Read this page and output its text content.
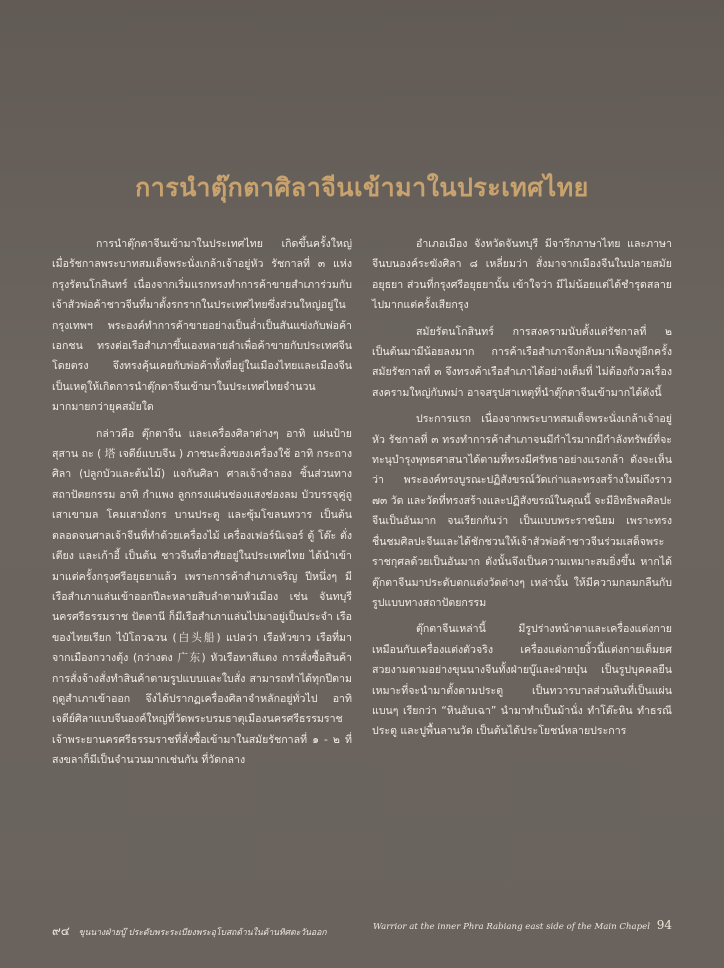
การนำตุ๊กตาศิลาจีนเข้ามาในประเทศไทย

การนำตุ๊กตาจีนเข้ามาในประเทศไทย เกิดขึ้นครั้งใหญ่เมื่อรัชกาลพระบาทสมเด็จพระนั่งเกล้าเจ้าอยู่หัว รัชกาลที่ ๓ แห่งกรุงรัตนโกสินทร์ เนื่องจากเริ่มแรกทรงทำการค้าขายสำเภาร่วมกับเจ้าสัวพ่อค้าชาวจีนที่มาตั้งรกรากในประเทศไทยซึ่งส่วนใหญ่อยู่ในกรุงเทพฯ พระองค์ทำการค้าขายอย่างเป็นล่ำเป็นสันแข่งกับพ่อค้าเอกชน ทรงต่อเรือสำเภาขึ้นเองหลายลำเพื่อค้าขายกับประเทศจีนโดยตรง จึงทรงคุ้นเคยกับพ่อค้าทั้งที่อยู่ในเมืองไทยและเมืองจีน เป็นเหตุให้เกิดการนำตุ๊กตาจีนเข้ามาในประเทศไทยจำนวนมากมายกว่ายุคสมัยใด

กล่าวคือ ตุ๊กตาจีน และเครื่องศิลาต่างๆ อาทิ แผ่นป้ายสุสาน ถะ ( 塔 เจดีย์แบบจีน ) ภาชนะสิ่งของเครื่องใช้ อาทิ กระถางศิลา (ปลูกบัวและต้นไม้) แจกันศิลา ศาลเจ้าจำลอง ชิ้นส่วนทางสถาปัตยกรรม อาทิ กำแพง ลูกกรงแผ่นช่องแสงช่องลม บัวบรรจุคู่ถู เสาเขามล โคมเสามังกร บานประตู และซุ้มโขลนทวาร เป็นต้น ตลอดจนศาลเจ้าจีนที่ทำด้วยเครื่องไม้ เครื่องเฟอร์นิเจอร์ ตู้ โต๊ะ ตั่ง เตียง และเก้าอี้ เป็นต้น ชาวจีนที่อาศัยอยู่ในประเทศไทย ได้นำเข้ามาแต่ครั้งกรุงศรีอยุธยาแล้ว เพราะการค้าสำเภาเจริญ ปีหนึ่งๆ มีเรือสำเภาแล่นเข้าออกปีละหลายสิบลำตามหัวเมือง เช่น จันทบุรี นครศรีธรรมราช ปัตตานี ก็มีเรือสำเภาแล่นไปมาอยู่เป็นประจำ เรือของไทยเรียก ไป๋โถวฉวน (白头船) แปลว่า เรือหัวขาว เรือที่มาจากเมืองกวางตุ้ง (กว่างตง 广东) หัวเรือทาสีแดง การสั่งซื้อสินค้า การสั่งจ้างสั่งทำสินค้าตามรูปแบบและใบสั่ง สามารถทำได้ทุกปีตามฤดูสำเภาเข้าออก จึงได้ปรากฏเครื่องศิลาจำหลักอยู่ทั่วไป อาทิ เจดีย์ศิลาแบบจีนองค์ใหญ่ที่วัดพระบรมธาตุเมืองนครศรีธรรมราช เจ้าพระยานครศรีธรรมราชที่สั่งซื้อเข้ามาในสมัยรัชกาลที่ ๑ - ๒ ที่สงขลาก็มีเป็นจำนวนมากเช่นกัน ที่วัดกลาง

อำเภอเมือง จังหวัดจันทบุรี มีจารึกภาษาไทย และภาษาจีนบนองค์ระฆังศิลา ๘ เหลี่ยมว่า สั่งมาจากเมืองจีนในปลายสมัยอยุธยา ส่วนที่กรุงศรีอยุธยานั้น เข้าใจว่า มีไม่น้อยแต่ได้ชำรุดสลายไปมากแต่ครั้งเสียกรุง

สมัยรัตนโกสินทร์ การสงครามนับตั้งแต่รัชกาลที่ ๒ เป็นต้นมามีน้อยลงมาก การค้าเรือสำเภาจึงกลับมาเฟื่องฟูอีกครั้ง สมัยรัชกาลที่ ๓ จึงทรงค้าเรือสำเภาได้อย่างเต็มที่ ไม่ต้องกังวลเรื่องสงครามใหญ่กับพม่า อาจสรุปสาเหตุที่นำตุ๊กตาจีนเข้ามากได้ดังนี้

ประการแรก เนื่องจากพระบาทสมเด็จพระนั่งเกล้าเจ้าอยู่หัว รัชกาลที่ ๓ ทรงทำการค้าสำเภาจนมีกำไรมากมีกำลังทรัพย์ที่จะทะนุบำรุงพุทธศาสนาได้ตามที่ทรงมีศรัทธาอย่างแรงกล้า ดังจะเห็นว่า พระองค์ทรงบูรณะปฏิสังขรณ์วัดเก่าและทรงสร้างใหม่ถึงราว ๗๓ วัด และวัดที่ทรงสร้างและปฏิสังขรณ์ในคุณนี้ จะมีอิทธิพลศิลปะจีนเป็นอันมาก จนเรียกกันว่า เป็นแบบพระราชนิยม เพราะทรงชื่นชมศิลปะจีนและได้ชักชวนให้เจ้าสัวพ่อค้าชาวจีนร่วมเสด็จพระราชกุศลด้วยเป็นอันมาก ดังนั้นจึงเป็นความเหมาะสมยิ่งขึ้น หากได้ตุ๊กตาจีนมาประดับตกแต่งวัดต่างๆ เหล่านั้น ให้มีความกลมกลืนกับรูปแบบทางสถาปัตยกรรม

ตุ๊กตาจีนเหล่านี้ มีรูปร่างหน้าตาและเครื่องแต่งกายเหมือนกับเครื่องแต่งตัวจริง เครื่องแต่งกายงิ้วนี้แต่งกายเต็มยศสวยงามตามอย่างขุนนางจีนทั้งฝ่ายบู๊และฝ่ายบุ๋น เป็นรูปบุคคลยืน เหมาะที่จะนำมาตั้งตามประตู เป็นทวารบาลส่วนหินที่เป็นแผ่นแบนๆ เรียกว่า “หินอับเฉา” นำมาทำเป็นม้านั่ง ทำโต๊ะหิน ทำธรณีประตู และปูพื้นลานวัด เป็นต้นได้ประโยชน์หลายประการ

๙๔ ขุนนางฝ่ายบู๊ ประดับพระระเบียงพระอุโบสถด้านในด้านทิศตะวันออก
Warrior at the inner Phra Rabiang east side of the Main Chapel 94
